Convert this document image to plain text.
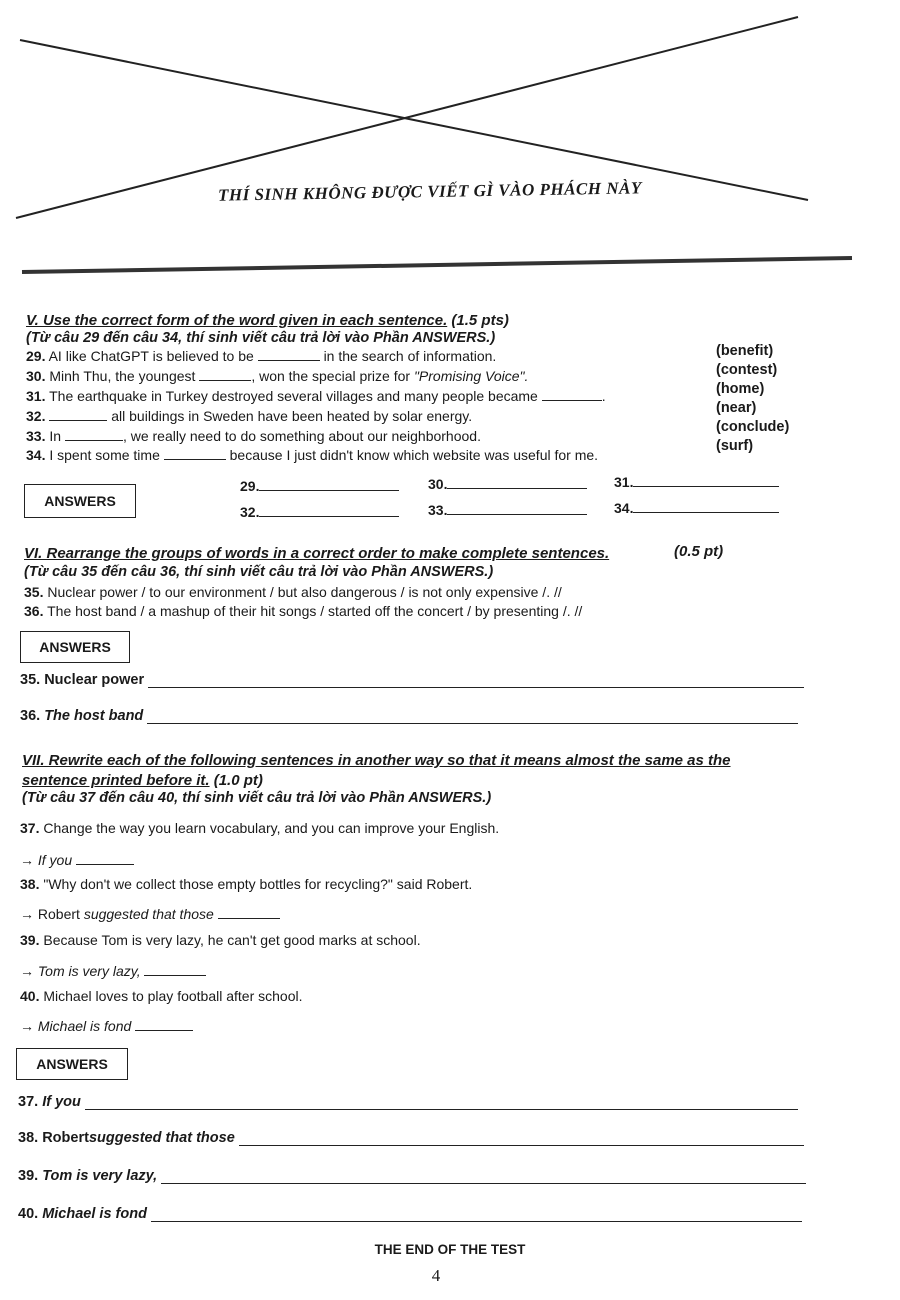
THÍ SINH KHÔNG ĐƯỢC VIẾT GÌ VÀO PHÁCH NÀY
V. Use the correct form of the word given in each sentence. (1.5 pts)
(Từ câu 29 đến câu 34, thí sinh viết câu trả lời vào Phần ANSWERS.)
29. AI like ChatGPT is believed to be	in the search of information.
30. Minh Thu, the youngest	, won the special prize for "Promising Voice".
31. The earthquake in Turkey destroyed several villages and many people became	.
32.	all buildings in Sweden have been heated by solar energy.
33. In	, we really need to do something about our neighborhood.
34. I spent some time	because I just didn't know which website was useful for me.
(benefit)
(contest)
(home)
(near)
(conclude)
(surf)
ANSWERS
29.	30.	31.
32.	33.	34.
VI. Rearrange the groups of words in a correct order to make complete sentences.	(0.5 pt)
(Từ câu 35 đến câu 36, thí sinh viết câu trả lời vào Phần ANSWERS.)
35. Nuclear power / to our environment / but also dangerous / is not only expensive /. //
36. The host band / a mashup of their hit songs / started off the concert / by presenting /. //
ANSWERS
35.
Nuclear power
36.
The host band
VII. Rewrite each of the following sentences in another way so that it means almost the same as the
sentence printed before it. (1.0 pt)
(Từ câu 37 đến câu 40, thí sinh viết câu trả lời vào Phần ANSWERS.)
37. Change the way you learn vocabulary, and you can improve your English.
→ If you
38. "Why don't we collect those empty bottles for recycling?" said Robert.
→ Robert suggested that those
39. Because Tom is very lazy, he can't get good marks at school.
→ Tom is very lazy,
40. Michael loves to play football after school.
→ Michael is fond
ANSWERS
37.
If you
38.
Robert suggested that those
39.
Tom is very lazy,
40.
Michael is fond
THE END OF THE TEST
4
